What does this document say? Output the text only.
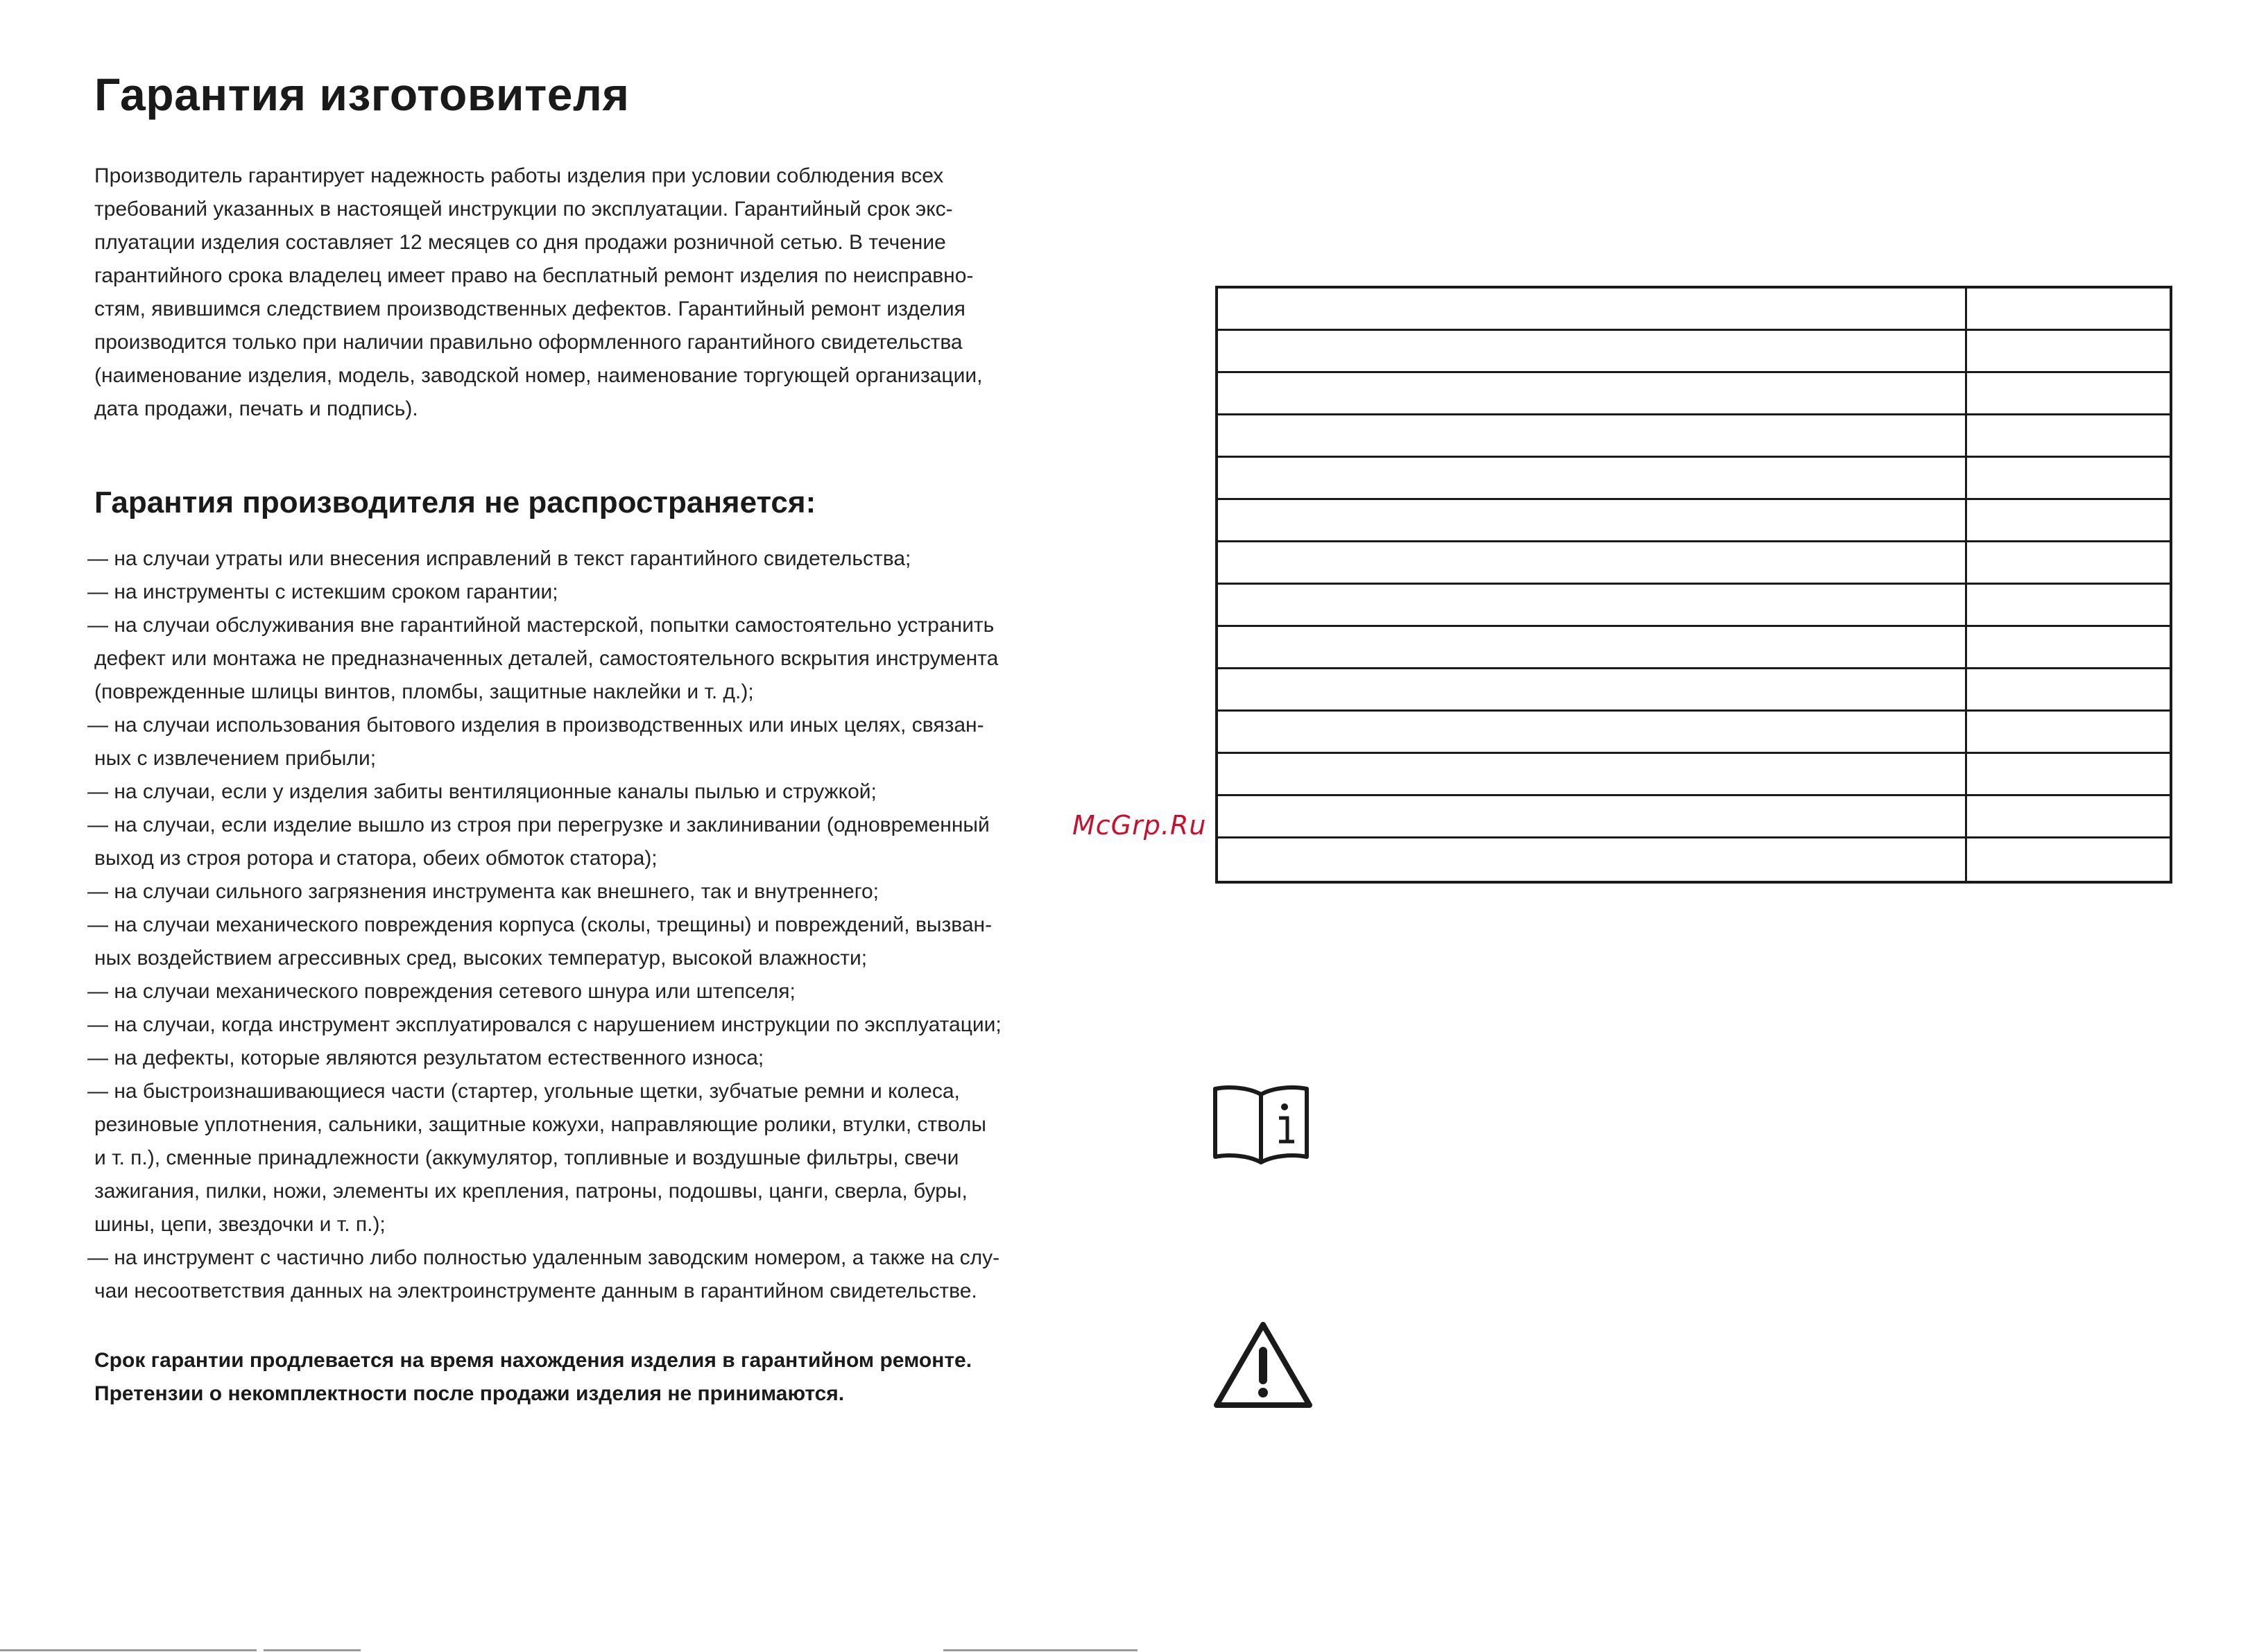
Гарантия изготовителя

Производитель гарантирует надежность работы изделия при условии соблюдения всех
требований указанных в настоящей инструкции по эксплуатации. Гарантийный срок экс-
плуатации изделия составляет 12 месяцев со дня продажи розничной сетью. В течение
гарантийного срока владелец имеет право на бесплатный ремонт изделия по неисправно-
стям, явившимся следствием производственных дефектов. Гарантийный ремонт изделия
производится только при наличии правильно оформленного гарантийного свидетельства
(наименование изделия, модель, заводской номер, наименование торгующей организации,
дата продажи, печать и подпись).

Гарантия производителя не распространяется:
— на случаи утраты или внесения исправлений в текст гарантийного свидетельства;
— на инструменты с истекшим сроком гарантии;
— на случаи обслуживания вне гарантийной мастерской, попытки самостоятельно устранить
дефект или монтажа не предназначенных деталей, самостоятельного вскрытия инструмента
(поврежденные шлицы винтов, пломбы, защитные наклейки и т. д.);
— на случаи использования бытового изделия в производственных или иных целях, связан-
ных с извлечением прибыли;
— на случаи, если у изделия забиты вентиляционные каналы пылью и стружкой;
— на случаи, если изделие вышло из строя при перегрузке и заклинивании (одновременный
выход из строя ротора и статора, обеих обмоток статора);
— на случаи сильного загрязнения инструмента как внешнего, так и внутреннего;
— на случаи механического повреждения корпуса (сколы, трещины) и повреждений, вызван-
ных воздействием агрессивных сред, высоких температур, высокой влажности;
— на случаи механического повреждения сетевого шнура или штепселя;
— на случаи, когда инструмент эксплуатировался с нарушением инструкции по эксплуатации;
— на дефекты, которые являются результатом естественного износа;
— на быстроизнашивающиеся части (стартер, угольные щетки, зубчатые ремни и колеса,
резиновые уплотнения, сальники, защитные кожухи, направляющие ролики, втулки, стволы
и т. п.), сменные принадлежности (аккумулятор, топливные и воздушные фильтры, свечи
зажигания, пилки, ножи, элементы их крепления, патроны, подошвы, цанги, сверла, буры,
шины, цепи, звездочки и т. п.);
— на инструмент с частично либо полностью удаленным заводским номером, а также на слу-
чаи несоответствия данных на электроинструменте данным в гарантийном свидетельстве.

Срок гарантии продлевается на время нахождения изделия в гарантийном ремонте.
Претензии о некомплектности после продажи изделия не принимаются.

McGrp.Ru
